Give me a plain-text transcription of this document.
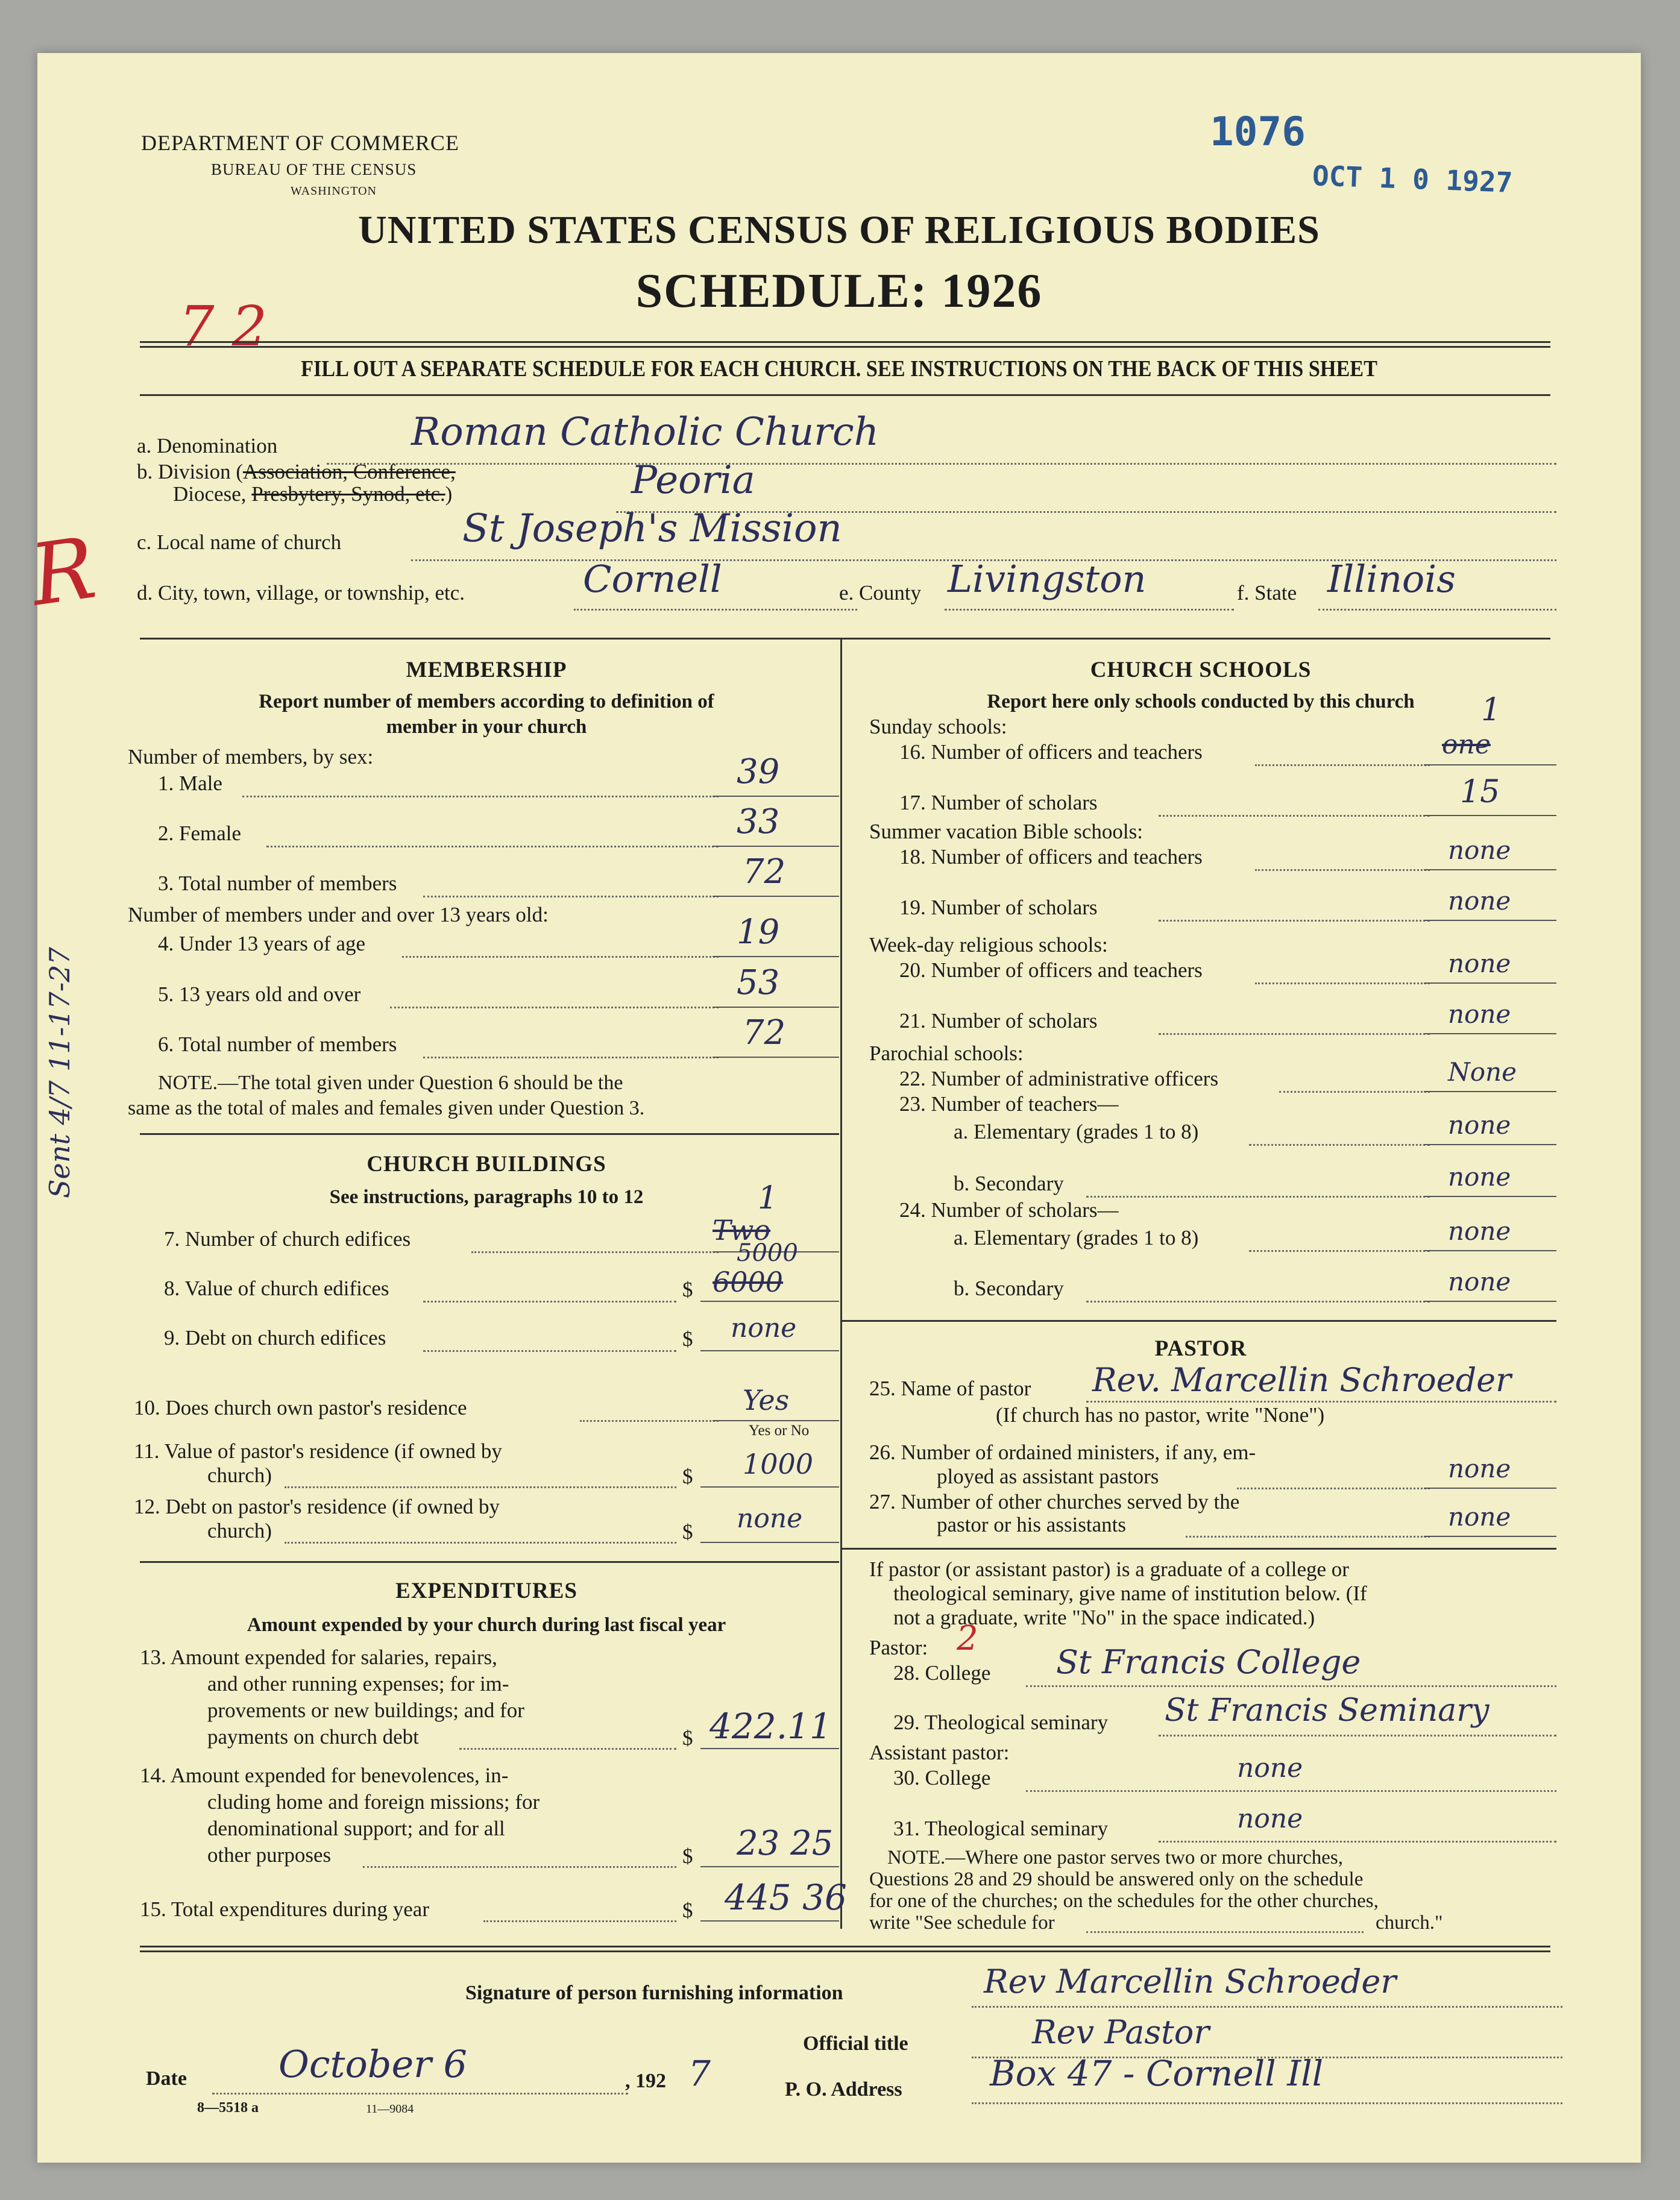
DEPARTMENT OF COMMERCE
BUREAU OF THE CENSUS
WASHINGTON
UNITED STATES CENSUS OF RELIGIOUS BODIES
SCHEDULE: 1926
1076
OCT 1 0 1927
7 2
FILL OUT A SEPARATE SCHEDULE FOR EACH CHURCH. SEE INSTRUCTIONS ON THE BACK OF THIS SHEET
a. Denomination	Roman Catholic Church
b. Division (Association, Conference,
Diocese, Presbytery, Synod, etc.)	Peoria
R c. Local name of church	St Joseph's Mission
d. City, town, village, or township, etc.	Cornell	e. County Livingston	f. State Illinois
MEMBERSHIP
Report number of members according to definition of
member in your church
Number of members, by sex:
1. Male	39
2. Female	33
3. Total number of members	72
Number of members under and over 13 years old:
4. Under 13 years of age	19
5. 13 years old and over	53
6. Total number of members	72
NOTE.—The total given under Question 6 should be the
same as the total of males and females given under Question 3.
CHURCH BUILDINGS
See instructions, paragraphs 10 to 12
Sent 4/7 11-17-27
7. Number of church edifices	Two
1
8. Value of church edifices	$ 6000
5000
9. Debt on church edifices	$ none
10. Does church own pastor's residence	Yes
Yes or No
11. Value of pastor's residence (if owned by
church)	$ 1000
12. Debt on pastor's residence (if owned by
church)	$ none
EXPENDITURES
Amount expended by your church during last fiscal year
13. Amount expended for salaries, repairs,
and other running expenses; for im-
provements or new buildings; and for
payments on church debt	$ 422.11
14. Amount expended for benevolences, in-
cluding home and foreign missions; for
denominational support; and for all
other purposes	$ 23 25
15. Total expenditures during year	$ 445 36
CHURCH SCHOOLS
Report here only schools conducted by this church
Sunday schools:
16. Number of officers and teachers	one
1
17. Number of scholars	15
Summer vacation Bible schools:
18. Number of officers and teachers	none
19. Number of scholars	none
Week-day religious schools:
20. Number of officers and teachers	none
21. Number of scholars	none
Parochial schools:
22. Number of administrative officers	None
23. Number of teachers—
a. Elementary (grades 1 to 8)	none
b. Secondary	none
24. Number of scholars—
a. Elementary (grades 1 to 8)	none
b. Secondary	none
PASTOR
25. Name of pastor Rev. Marcellin Schroeder
(If church has no pastor, write "None")
26. Number of ordained ministers, if any, em-
ployed as assistant pastors	none
27. Number of other churches served by the
pastor or his assistants	none
If pastor (or assistant pastor) is a graduate of a college or
theological seminary, give name of institution below. (If
not a graduate, write "No" in the space indicated.)
Pastor: 2
28. College St Francis College
29. Theological seminary St Francis Seminary
Assistant pastor:
30. College	none
31. Theological seminary	none
NOTE.—Where one pastor serves two or more churches,
Questions 28 and 29 should be answered only on the schedule
for one of the churches; on the schedules for the other churches,
write "See schedule for	church."
Signature of person furnishing information	Rev Marcellin Schroeder
Official title	Rev Pastor
Date October 6	, 192 7	P. O. Address	Box 47 - Cornell Ill
8—5518 a	11—9084
